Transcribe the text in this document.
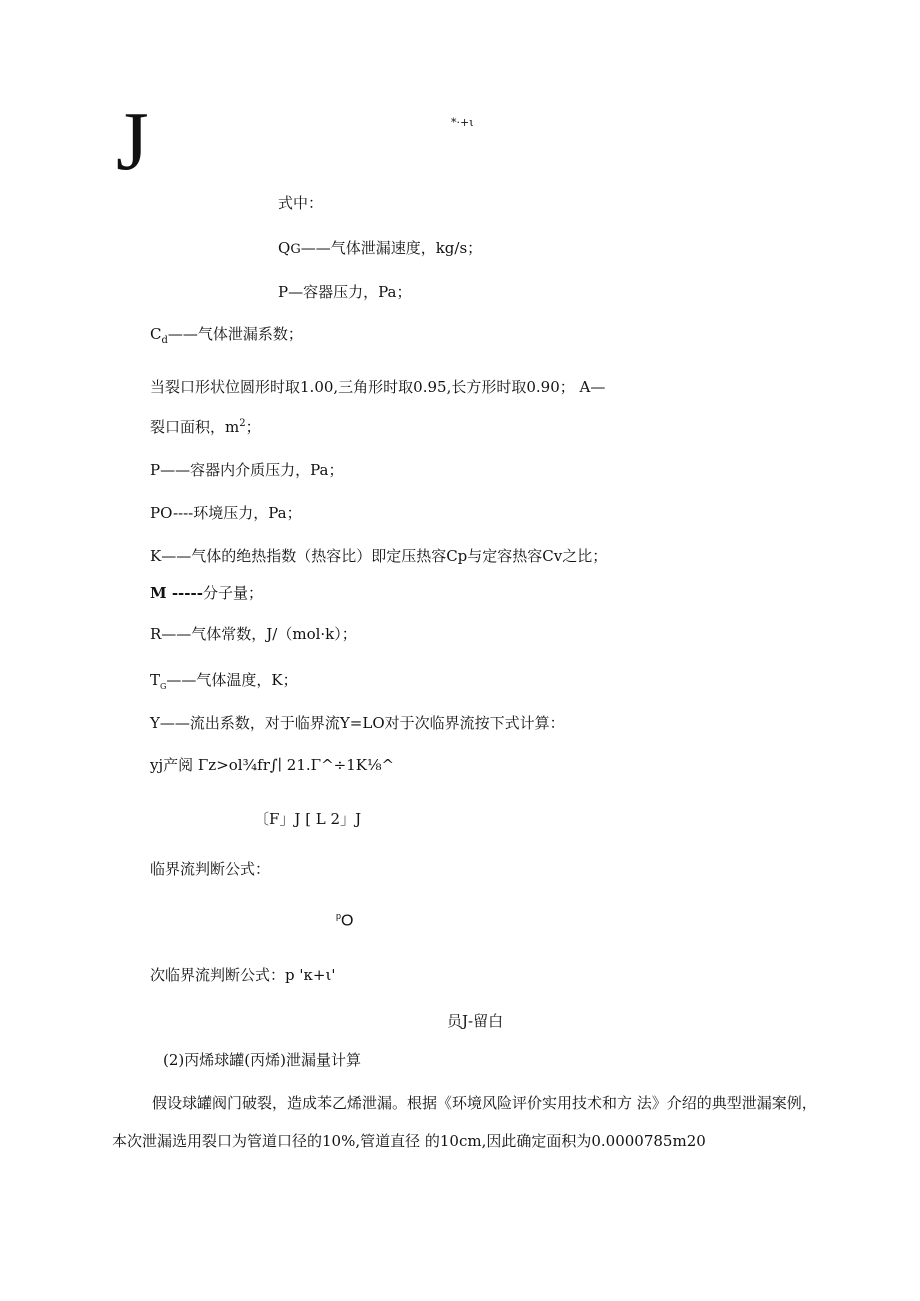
J	*·+ι
式中：
QG——气体泄漏速度，kg/s；
P—容器压力，Pa；
$C_d——$气体泄漏系数；
当裂口形状位圆形时取1.00,三角形时取0.95,长方形时取0.90； A—
裂口面积，$m^2$；
P——容器内介质压力，Pa；
PO----环境压力，Pa；
K——气体的绝热指数（热容比）即定压热容Cp与定容热容Cv之比；
M -----分子量；
R——气体常数，J/（mol·k）；
$T_G——$气体温度，K；
Y——流出系数，对于临界流Y=LO对于次临界流按下式计算：
yj产阅 Γz>ol¾fr∫∣ 21.Γ^÷1K⅛^
〔F」J [ L 2」J
临界流判断公式：
$^p$O
次临界流判断公式：p 'κ+ι'
员J-留白
(2)丙烯球罐(丙烯)泄漏量计算
假设球罐阀门破裂，造成苯乙烯泄漏。根据《环境风险评价实用技术和方 法》介绍的典型泄漏案例，
本次泄漏选用裂口为管道口径的10%,管道直径 的10cm,因此确定面积为0.0000785m20
